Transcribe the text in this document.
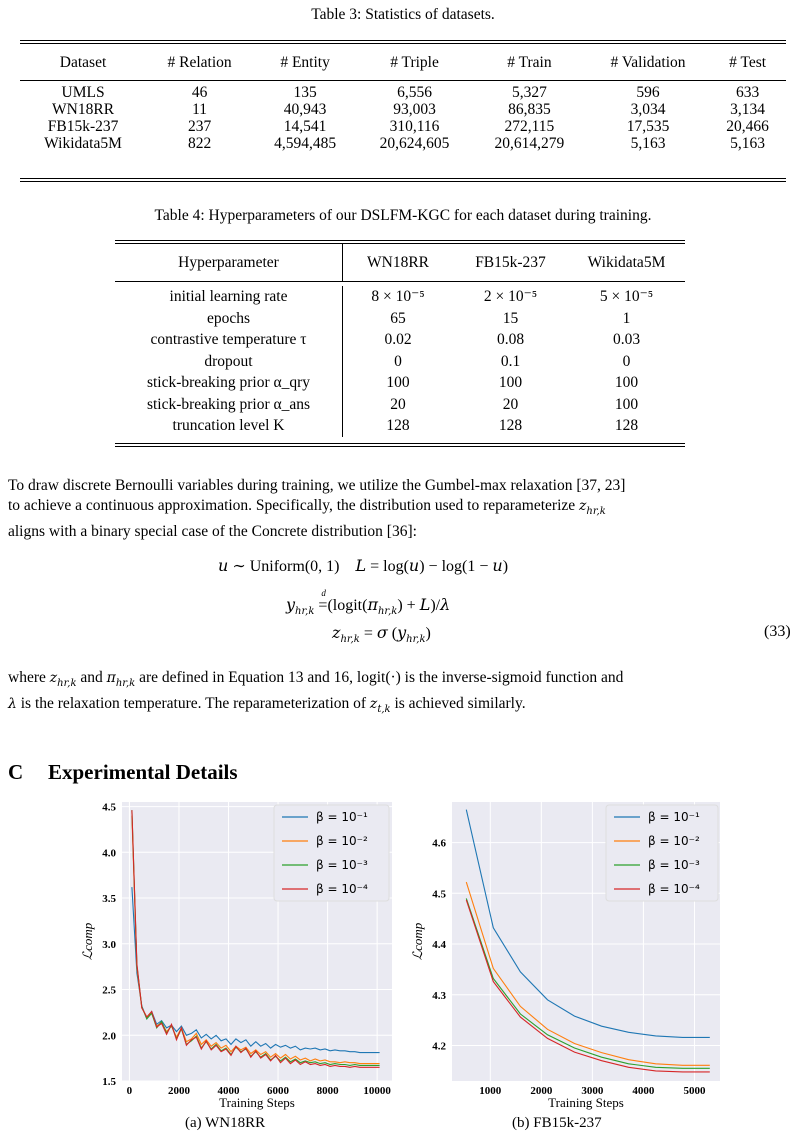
Table 3: Statistics of datasets.
Dataset	# Relation	# Entity	# Triple	# Train	# Validation	# Test
UMLS	46	135	6,556	5,327	596	633
WN18RR	11	40,943	93,003	86,835	3,034	3,134
FB15k-237	237	14,541	310,116	272,115	17,535	20,466
Wikidata5M	822	4,594,485	20,624,605	20,614,279	5,163	5,163
Table 4: Hyperparameters of our DSLFM-KGC for each dataset during training.
Hyperparameter	WN18RR	FB15k-237	Wikidata5M
initial learning rate	8 × 10⁻⁵	2 × 10⁻⁵	5 × 10⁻⁵
epochs	65	15	1
contrastive temperature τ	0.02	0.08	0.03
dropout	0	0.1	0
stick-breaking prior α_qry	100	100	100
stick-breaking prior α_ans	20	20	100
truncation level K	128	128	128
To draw discrete Bernoulli variables during training, we utilize the Gumbel-max relaxation [37, 23]
to achieve a continuous approximation. Specifically, the distribution used to reparameterize $z_{hr,k}$
aligns with a binary special case of the Concrete distribution [36]:
u ∼ Uniform(0, 1)    L = log(u) − log(1 − u)
$y_{hr,k}$
d
$=(logit(\pi_{hr,k}) + L)/\lambda$
$z_{hr,k} = \sigma$ $(y_{hr,k})$	(33)
where $z_{hr,k}$ and $\pi_{hr,k}$ are defined in Equation 13 and 16, logit(·) is the inverse-sigmoid function and
λ is the relaxation temperature. The reparameterization of $z_{t,k}$ is achieved similarly.
C Experimental Details
0	2000	4000	6000	8000 10000
1.5
2.0
2.5
3.0
3.5
4.0
4.5
Training Steps
ℒcomp
β = 10⁻¹
β = 10⁻²
β = 10⁻³
β = 10⁻⁴
(a) WN18RR
1000	2000	3000	4000	5000
4.2
4.3
4.4
4.5
4.6
Training Steps
ℒcomp
β = 10⁻¹
β = 10⁻²
β = 10⁻³
β = 10⁻⁴
(b) FB15k-237
